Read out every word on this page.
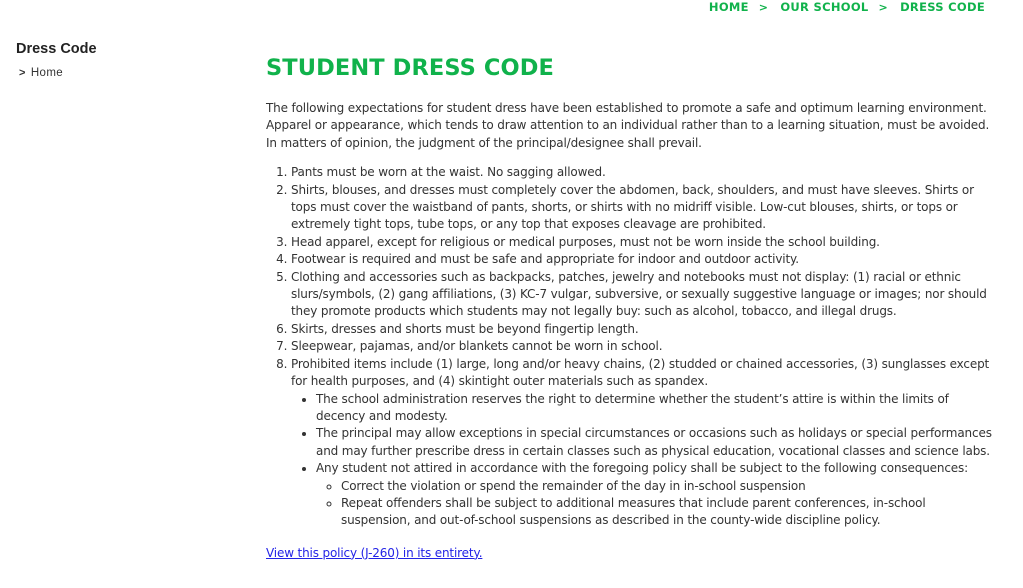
HOME > OUR SCHOOL > DRESS CODE
Dress Code
> Home	STUDENT DRESS CODE

The following expectations for student dress have been established to promote a safe and optimum learning environment. Apparel or appearance, which tends to draw attention to an individual rather than to a learning situation, must be avoided. In matters of opinion, the judgment of the principal/designee shall prevail.

1. Pants must be worn at the waist. No sagging allowed.
2. Shirts, blouses, and dresses must completely cover the abdomen, back, shoulders, and must have sleeves. Shirts or tops must cover the waistband of pants, shorts, or shirts with no midriff visible. Low-cut blouses, shirts, or tops or extremely tight tops, tube tops, or any top that exposes cleavage are prohibited.
3. Head apparel, except for religious or medical purposes, must not be worn inside the school building.
4. Footwear is required and must be safe and appropriate for indoor and outdoor activity.
5. Clothing and accessories such as backpacks, patches, jewelry and notebooks must not display: (1) racial or ethnic slurs/symbols, (2) gang affiliations, (3) KC-7 vulgar, subversive, or sexually suggestive language or images; nor should they promote products which students may not legally buy: such as alcohol, tobacco, and illegal drugs.
6. Skirts, dresses and shorts must be beyond fingertip length.
7. Sleepwear, pajamas, and/or blankets cannot be worn in school.
8. Prohibited items include (1) large, long and/or heavy chains, (2) studded or chained accessories, (3) sunglasses except for health purposes, and (4) skintight outer materials such as spandex.
• The school administration reserves the right to determine whether the student’s attire is within the limits of decency and modesty.
• The principal may allow exceptions in special circumstances or occasions such as holidays or special performances and may further prescribe dress in certain classes such as physical education, vocational classes and science labs.
• Any student not attired in accordance with the foregoing policy shall be subject to the following consequences:
◦ Correct the violation or spend the remainder of the day in in-school suspension
◦ Repeat offenders shall be subject to additional measures that include parent conferences, in-school suspension, and out-of-school suspensions as described in the county-wide discipline policy.
View this policy (J-260) in its entirety.
